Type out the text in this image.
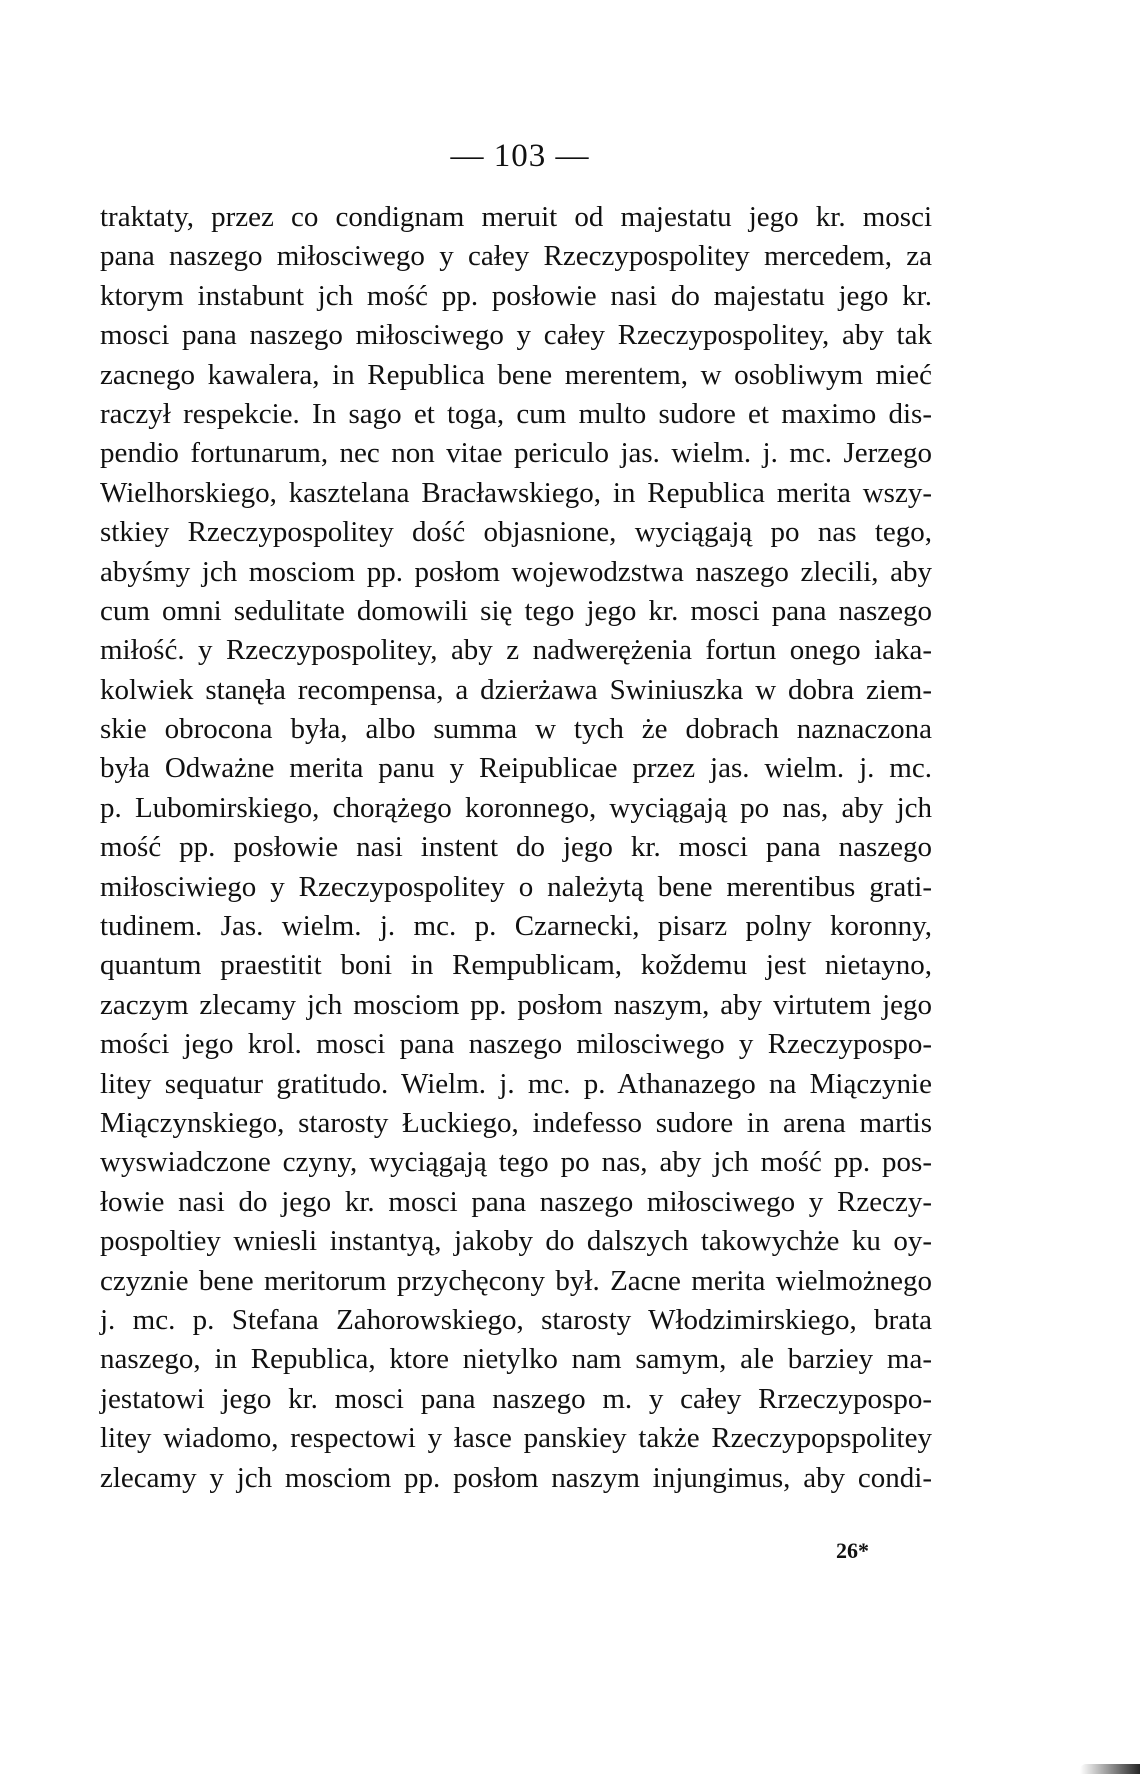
— 103 —
traktaty, przez co condignam meruit od majestatu jego kr. mosci
pana naszego miłosciwego y całey Rzeczypospolitey mercedem, za
ktorym instabunt jch mość pp. posłowie nasi do majestatu jego kr.
mosci pana naszego miłosciwego y całey Rzeczypospolitey, aby tak
zacnego kawalera, in Republica bene merentem, w osobliwym mieć
raczył respekcie. In sago et toga, cum multo sudore et maximo dis-
pendio fortunarum, nec non vitae periculo jas. wielm. j. mc. Jerzego
Wielhorskiego, kasztelana Bracławskiego, in Republica merita wszy-
stkiey Rzeczypospolitey dość objasnione, wyciągają po nas tego,
abyśmy jch mosciom pp. posłom wojewodzstwa naszego zlecili, aby
cum omni sedulitate domowili się tego jego kr. mosci pana naszego
miłość. y Rzeczypospolitey, aby z nadwerężenia fortun onego iaka-
kolwiek stanęła recompensa, a dzierżawa Swiniuszka w dobra ziem-
skie obrocona była, albo summa w tych że dobrach naznaczona
była Odważne merita panu y Reipublicae przez jas. wielm. j. mc.
p. Lubomirskiego, chorążego koronnego, wyciągają po nas, aby jch
mość pp. posłowie nasi instent do jego kr. mosci pana naszego
miłosciwiego y Rzeczypospolitey o należytą bene merentibus grati-
tudinem. Jas. wielm. j. mc. p. Czarnecki, pisarz polny koronny,
quantum praestitit boni in Rempublicam, koždemu jest nietayno,
zaczym zlecamy jch mosciom pp. posłom naszym, aby virtutem jego
mości jego krol. mosci pana naszego milosciwego y Rzeczypospo-
litey sequatur gratitudo. Wielm. j. mc. p. Athanazego na Miączynie
Miączynskiego, starosty Łuckiego, indefesso sudore in arena martis
wyswiadczone czyny, wyciągają tego po nas, aby jch mość pp. pos-
łowie nasi do jego kr. mosci pana naszego miłosciwego y Rzeczy-
pospoltiey wniesli instantyą, jakoby do dalszych takowychże ku oy-
czyznie bene meritorum przychęcony był. Zacne merita wielmożnego
j. mc. p. Stefana Zahorowskiego, starosty Włodzimirskiego, brata
naszego, in Republica, ktore nietylko nam samym, ale barziey ma-
jestatowi jego kr. mosci pana naszego m. y całey Rrzeczypospo-
litey wiadomo, respectowi y łasce panskiey także Rzeczypopspolitey
zlecamy y jch mosciom pp. posłom naszym injungimus, aby condi-
26*
